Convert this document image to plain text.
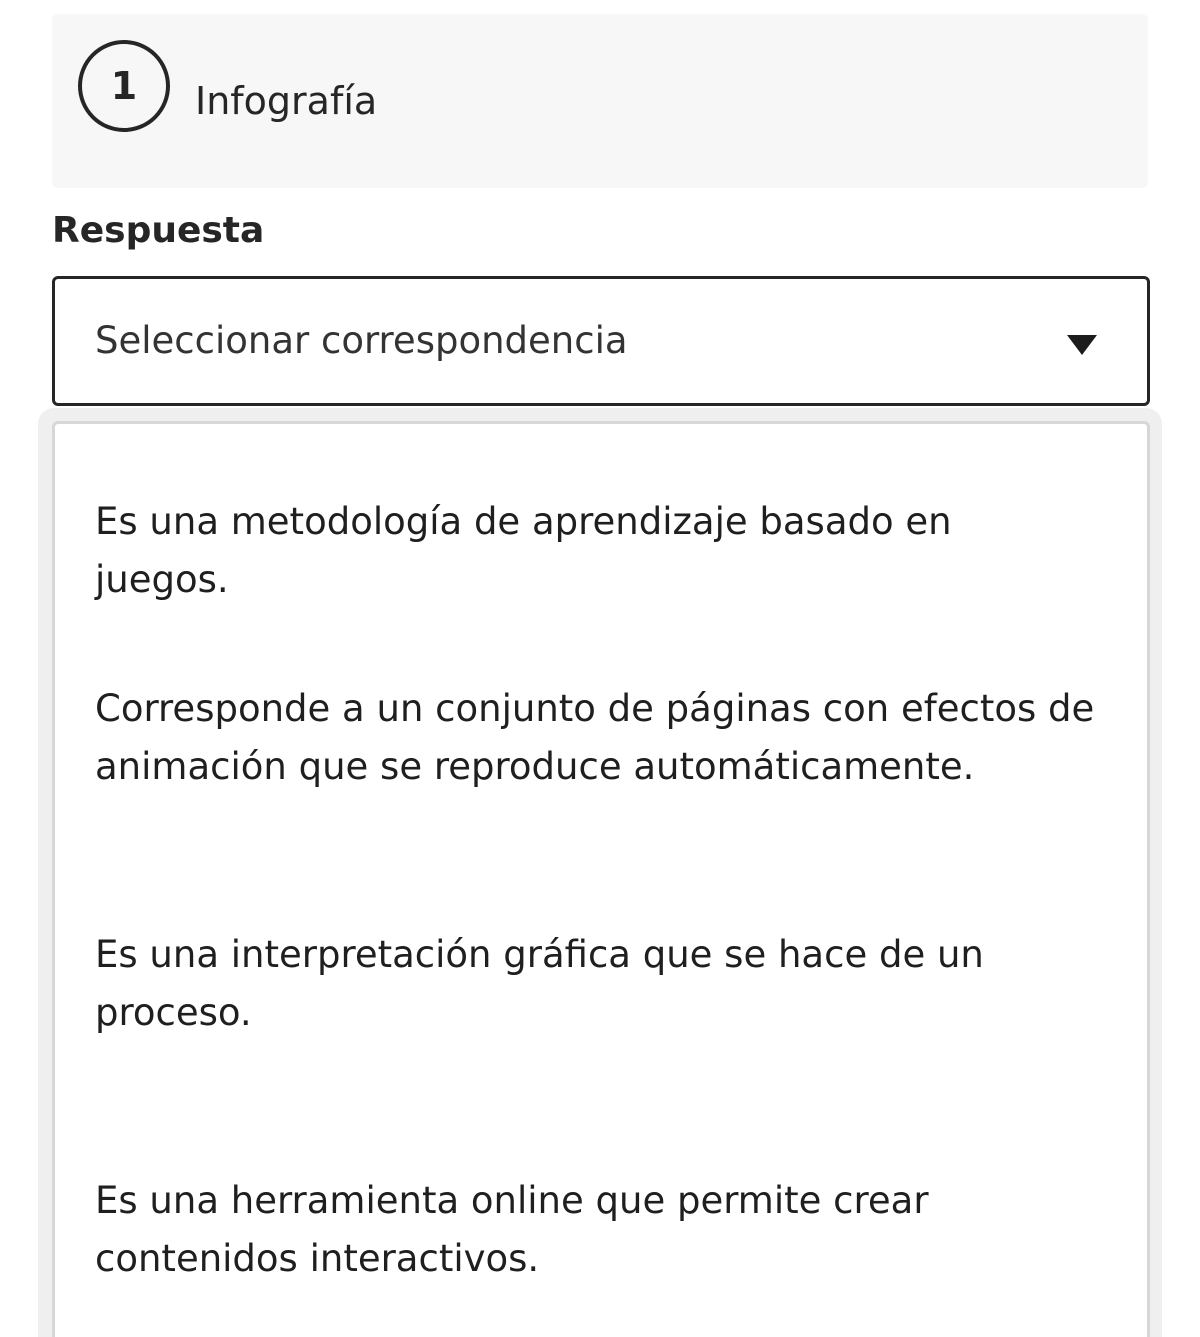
1	Infografía
Respuesta
Seleccionar correspondencia
Es una metodología de aprendizaje basado en juegos.
Corresponde a un conjunto de páginas con efectos de animación que se reproduce automáticamente.
Es una interpretación gráfica que se hace de un proceso.
Es una herramienta online que permite crear contenidos interactivos.
